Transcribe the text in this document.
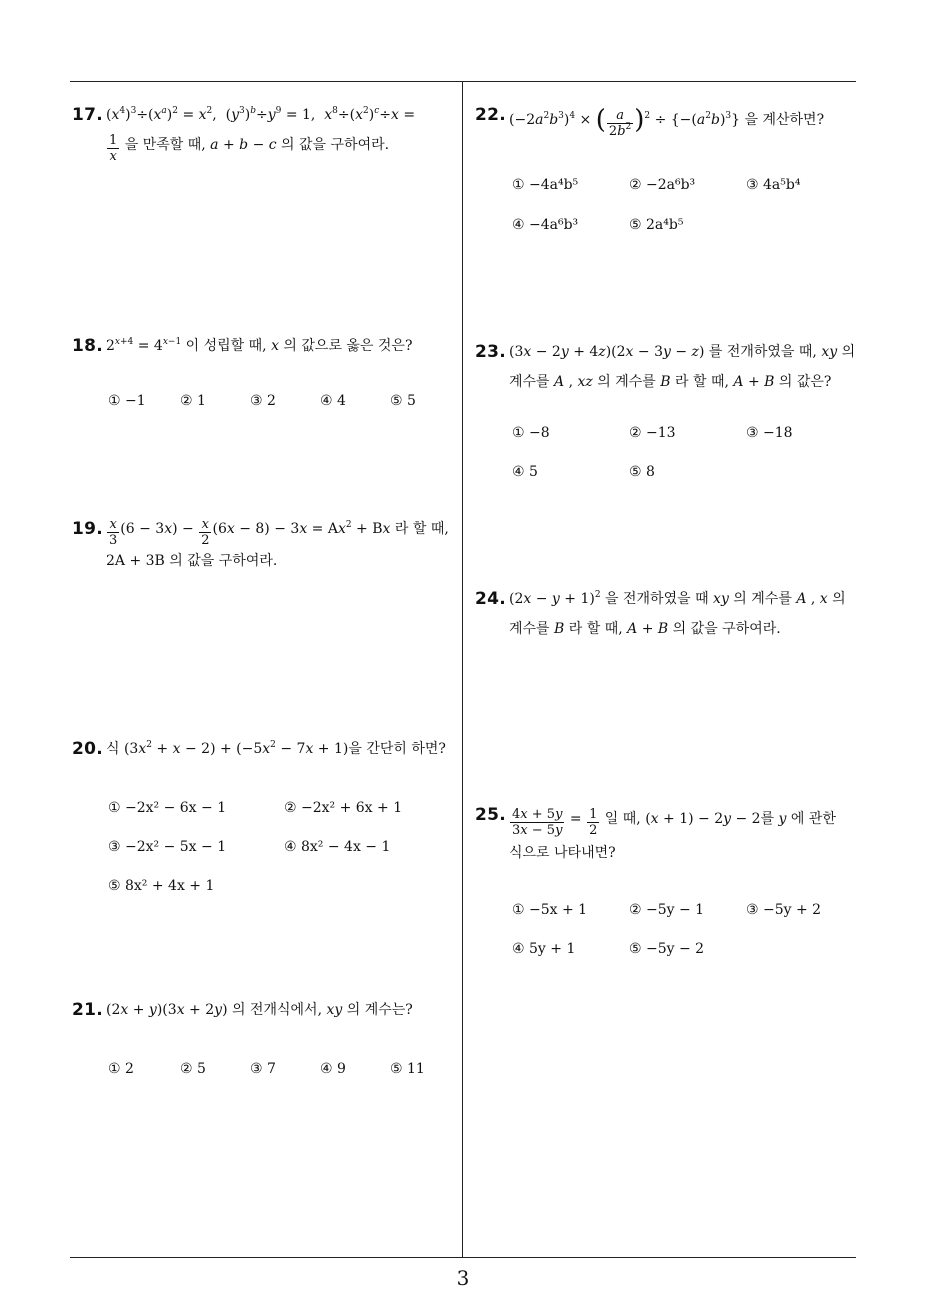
17. $(x^4)^3\div(x^a)^2 = x^2$,  $(y^3)^b\div y^9 = 1$,  $x^8\div(x^2)^c\div x$ =
$\frac{1}{x}$ 을 만족할 때, a + b − c 의 값을 구하여라.
18. $2^{x+4} = 4^{x-1}$ 이 성립할 때, x 의 값으로 옳은 것은?
① −1 ② 1	③ 2	④ 4	⑤ 5
19. $\frac{x}{3} (6 - 3x) - \frac{x}{2} (6x - 8) - 3x = Ax^2 + Bx$ 라 할 때,
2A + 3B 의 값을 구하여라.
20. 식 $(3x^2 + x - 2) + (-5x^2 - 7x + 1)$을 간단히 하면?
① −2x² − 6x − 1	② −2x² + 6x + 1
③ −2x² − 5x − 1	④ 8x² − 4x − 1
⑤ 8x² + 4x + 1
21. (2x + y)(3x + 2y) 의 전개식에서, xy 의 계수는?
① 2	② 5	③ 7	④ 9	⑤ 11
22. $(-2a^2b^3)^4$ × ( $\frac{a}{2b^2} )^2 \div \{-(a^2b)^3\}$ 을 계산하면?
① −4a⁴b⁵	② −2a⁶b³	③ 4a⁵b⁴
④ −4a⁶b³	⑤ 2a⁴b⁵
23. (3x − 2y + 4z)(2x − 3y − z) 를 전개하였을 때, xy 의
계수를 A , xz 의 계수를 B 라 할 때, A + B 의 값은?
① −8	② −13	③ −18
④ 5	⑤ 8
24. $(2x - y + 1)^2$ 을 전개하였을 때 xy 의 계수를 A , x 의
계수를 B 라 할 때, A + B 의 값을 구하여라.
25. $\frac{4x + 5y}{3x - 5y} = \frac{1}{2}$ 일 때, (x + 1) − 2y − 2를 y 에 관한
식으로 나타내면?
① −5x + 1	② −5y − 1	③ −5y + 2
④ 5y + 1	⑤ −5y − 2
3
